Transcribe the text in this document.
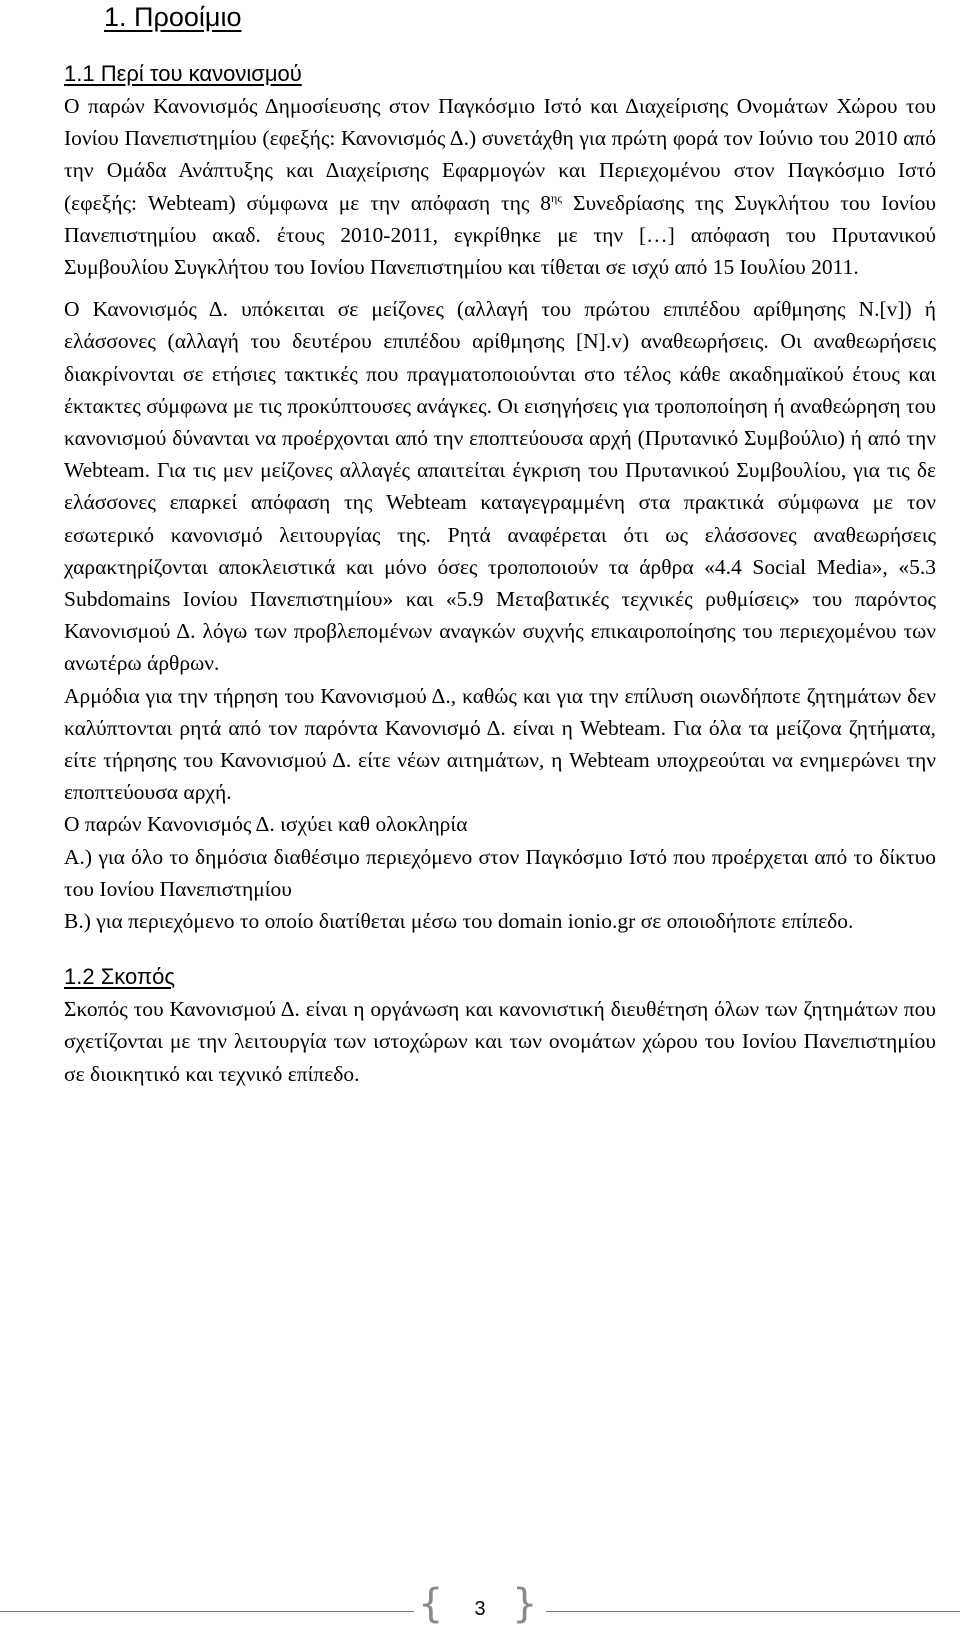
1. Προοίμιο
1.1 Περί του κανονισμού

Ο παρών Κανονισμός Δημοσίευσης στον Παγκόσμιο Ιστό και Διαχείρισης Ονομάτων Χώρου του Ιονίου Πανεπιστημίου (εφεξής: Κανονισμός Δ.) συνετάχθη για πρώτη φορά τον Ιούνιο του 2010 από την Ομάδα Ανάπτυξης και Διαχείρισης Εφαρμογών και Περιεχομένου στον Παγκόσμιο Ιστό (εφεξής: Webteam) σύμφωνα με την απόφαση της $8^{\eta\varsigma}$ Συνεδρίασης της Συγκλήτου του Ιονίου Πανεπιστημίου ακαδ. έτους 2010-2011, εγκρίθηκε με την […] απόφαση του Πρυτανικού Συμβουλίου Συγκλήτου του Ιονίου Πανεπιστημίου και τίθεται σε ισχύ από 15 Ιουλίου 2011.

Ο Κανονισμός Δ. υπόκειται σε μείζονες (αλλαγή του πρώτου επιπέδου αρίθμησης Ν.[v]) ή ελάσσονες (αλλαγή του δευτέρου επιπέδου αρίθμησης [Ν].v) αναθεωρήσεις. Οι αναθεωρήσεις διακρίνονται σε ετήσιες τακτικές που πραγματοποιούνται στο τέλος κάθε ακαδημαϊκού έτους και έκτακτες σύμφωνα με τις προκύπτουσες ανάγκες. Οι εισηγήσεις για τροποποίηση ή αναθεώρηση του κανονισμού δύνανται να προέρχονται από την εποπτεύουσα αρχή (Πρυτανικό Συμβούλιο) ή από την Webteam. Για τις μεν μείζονες αλλαγές απαιτείται έγκριση του Πρυτανικού Συμβουλίου, για τις δε ελάσσονες επαρκεί απόφαση της Webteam καταγεγραμμένη στα πρακτικά σύμφωνα με τον εσωτερικό κανονισμό λειτουργίας της. Ρητά αναφέρεται ότι ως ελάσσονες αναθεωρήσεις χαρακτηρίζονται αποκλειστικά και μόνο όσες τροποποιούν τα άρθρα «4.4 Social Media», «5.3 Subdomains Ιονίου Πανεπιστημίου» και «5.9 Μεταβατικές τεχνικές ρυθμίσεις» του παρόντος Κανονισμού Δ. λόγω των προβλεπομένων αναγκών συχνής επικαιροποίησης του περιεχομένου των ανωτέρω άρθρων.

Αρμόδια για την τήρηση του Κανονισμού Δ., καθώς και για την επίλυση οιωνδήποτε ζητημάτων δεν καλύπτονται ρητά από τον παρόντα Κανονισμό Δ. είναι η Webteam. Για όλα τα μείζονα ζητήματα, είτε τήρησης του Κανονισμού Δ. είτε νέων αιτημάτων, η Webteam υποχρεούται να ενημερώνει την εποπτεύουσα αρχή.

Ο παρών Κανονισμός Δ. ισχύει καθ ολοκληρία

Α.) για όλο το δημόσια διαθέσιμο περιεχόμενο στον Παγκόσμιο Ιστό που προέρχεται από το δίκτυο του Ιονίου Πανεπιστημίου

Β.) για περιεχόμενο το οποίο διατίθεται μέσω του domain ionio.gr σε οποιοδήποτε επίπεδο.

1.2 Σκοπός

Σκοπός του Κανονισμού Δ. είναι η οργάνωση και κανονιστική διευθέτηση όλων των ζητημάτων που σχετίζονται με την λειτουργία των ιστοχώρων και των ονομάτων χώρου του Ιονίου Πανεπιστημίου σε διοικητικό και τεχνικό επίπεδο.

{	3 }
